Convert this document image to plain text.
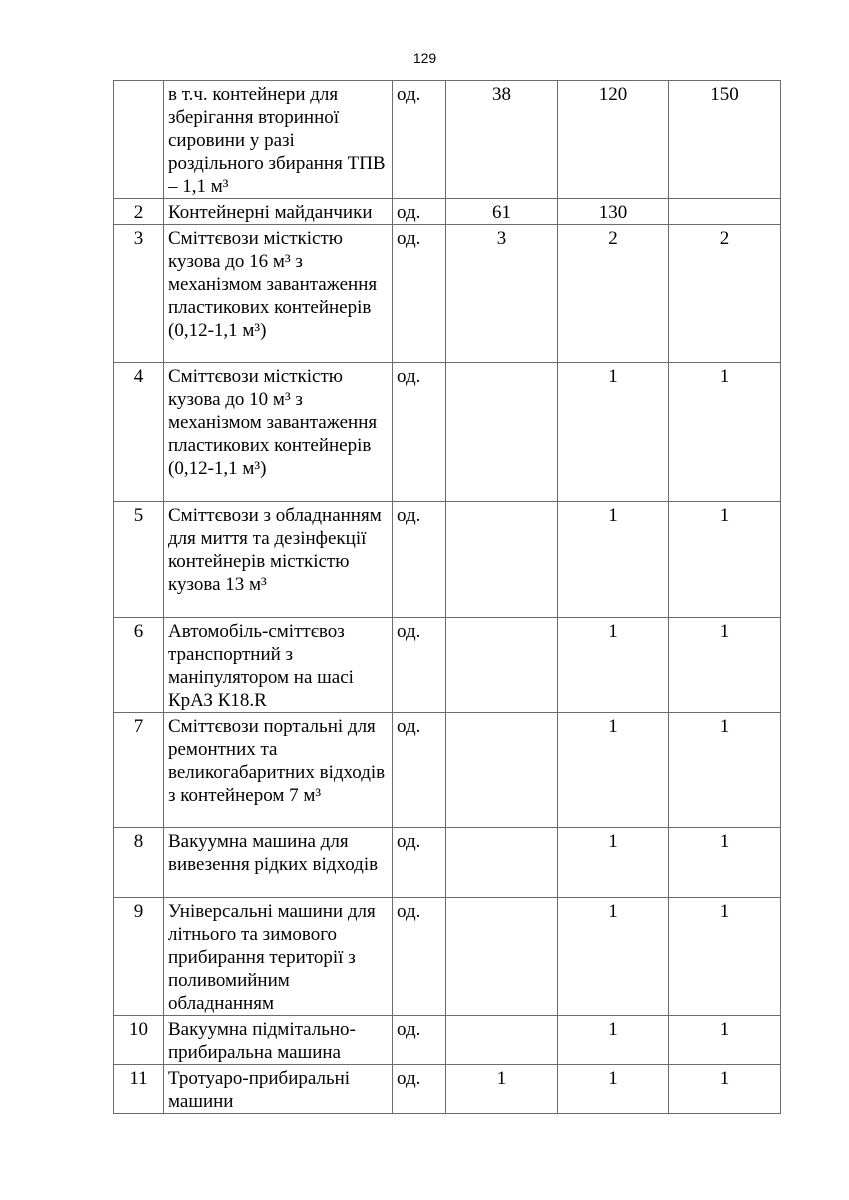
129
	в т.ч. контейнери для зберігання вторинної сировини у разі роздільного збирання ТПВ – 1,1 м³	од.	38	120	150
2	Контейнерні майданчики	од.	61	130	
3	Сміттєвози місткістю кузова до 16 м³ з механізмом завантаження пластикових контейнерів (0,12-1,1 м³)	од.	3	2	2
4	Сміттєвози місткістю кузова до 10 м³ з механізмом завантаження пластикових контейнерів (0,12-1,1 м³)	од.		1	1
5	Сміттєвози з обладнанням для миття та дезінфекції контейнерів місткістю кузова 13 м³	од.		1	1
6	Автомобіль-сміттєвоз транспортний з маніпулятором на шасі КрАЗ К18.R	од.		1	1
7	Сміттєвози портальні для ремонтних та великогабаритних відходів з контейнером 7 м³	од.		1	1
8	Вакуумна машина для вивезення рідких відходів	од.		1	1
9	Універсальні машини для літнього та зимового прибирання території з поливомийним обладнанням	од.		1	1
10	Вакуумна підмітально-прибиральна машина	од.		1	1
11	Тротуаро-прибиральні машини	од.	1	1	1
